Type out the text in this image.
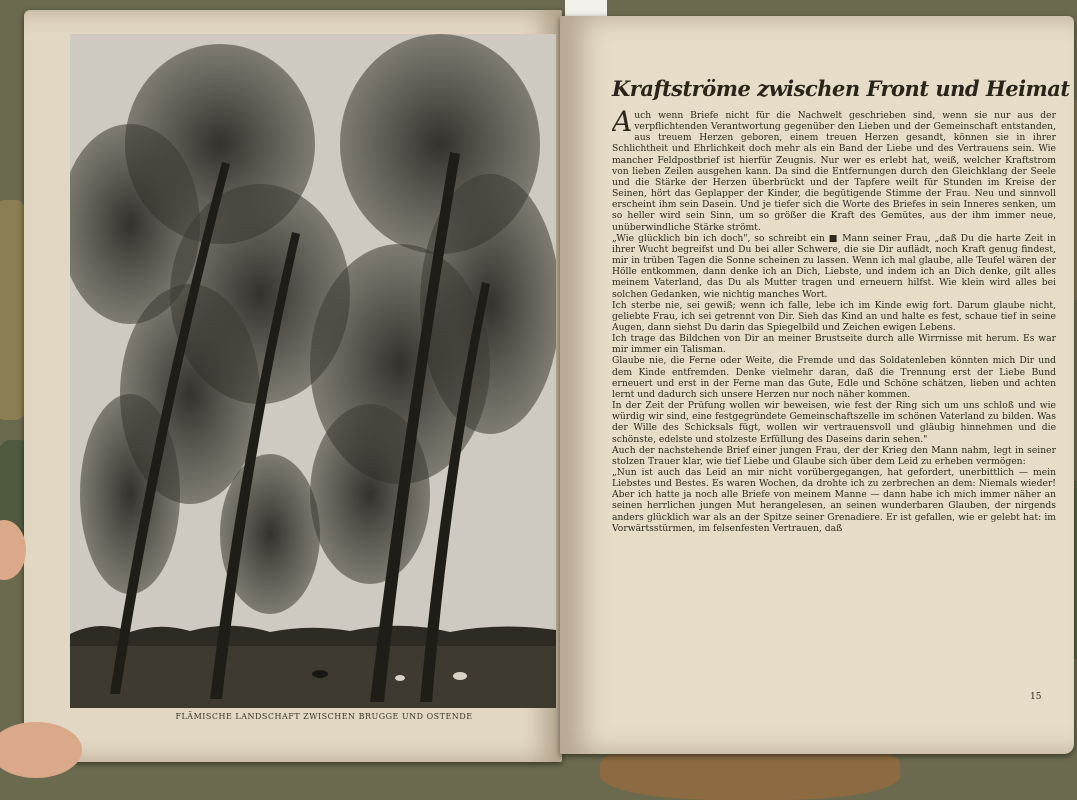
FLÄMISCHE LANDSCHAFT ZWISCHEN BRUGGE UND OSTENDE
Kraftströme zwischen Front und Heimat

Auch wenn Briefe nicht für die Nachwelt geschrieben sind, wenn sie nur aus der verpflichtenden Verantwortung gegenüber den Lieben und der Gemeinschaft entstanden, aus treuem Herzen geboren, einem treuen Herzen gesandt, können sie in ihrer Schlichtheit und Ehrlichkeit doch mehr als ein Band der Liebe und des Vertrauens sein. Wie mancher Feldpostbrief ist hierfür Zeugnis. Nur wer es erlebt hat, weiß, welcher Kraftstrom von lieben Zeilen ausgehen kann. Da sind die Entfernungen durch den Gleichklang der Seele und die Stärke der Herzen überbrückt und der Tapfere weilt für Stunden im Kreise der Seinen, hört das Geplapper der Kinder, die begütigende Stimme der Frau. Neu und sinnvoll erscheint ihm sein Dasein. Und je tiefer sich die Worte des Briefes in sein Inneres senken, um so heller wird sein Sinn, um so größer die Kraft des Gemütes, aus der ihm immer neue, unüberwindliche Stärke strömt.

„Wie glücklich bin ich doch", so schreibt ein ■ Mann seiner Frau, „daß Du die harte Zeit in ihrer Wucht begreifst und Du bei aller Schwere, die sie Dir auflädt, noch Kraft genug findest, mir in trüben Tagen die Sonne scheinen zu lassen. Wenn ich mal glaube, alle Teufel wären der Hölle entkommen, dann denke ich an Dich, Liebste, und indem ich an Dich denke, gilt alles meinem Vaterland, das Du als Mutter tragen und erneuern hilfst. Wie klein wird alles bei solchen Gedanken, wie nichtig manches Wort.

Ich sterbe nie, sei gewiß; wenn ich falle, lebe ich im Kinde ewig fort. Darum glaube nicht, geliebte Frau, ich sei getrennt von Dir. Sieh das Kind an und halte es fest, schaue tief in seine Augen, dann siehst Du darin das Spiegelbild und Zeichen ewigen Lebens.

Ich trage das Bildchen von Dir an meiner Brustseite durch alle Wirrnisse mit herum. Es war mir immer ein Talisman.

Glaube nie, die Ferne oder Weite, die Fremde und das Soldatenleben könnten mich Dir und dem Kinde entfremden. Denke vielmehr daran, daß die Trennung erst der Liebe Bund erneuert und erst in der Ferne man das Gute, Edle und Schöne schätzen, lieben und achten lernt und dadurch sich unsere Herzen nur noch näher kommen.

In der Zeit der Prüfung wollen wir beweisen, wie fest der Ring sich um uns schloß und wie würdig wir sind, eine festgegründete Gemeinschaftszelle im schönen Vaterland zu bilden. Was der Wille des Schicksals fügt, wollen wir vertrauensvoll und gläubig hinnehmen und die schönste, edelste und stolzeste Erfüllung des Daseins darin sehen."

Auch der nachstehende Brief einer jungen Frau, der der Krieg den Mann nahm, legt in seiner stolzen Trauer klar, wie tief Liebe und Glaube sich über dem Leid zu erheben vermögen:

„Nun ist auch das Leid an mir nicht vorübergegangen, hat gefordert, unerbittlich — mein Liebstes und Bestes. Es waren Wochen, da drohte ich zu zerbrechen an dem: Niemals wieder! Aber ich hatte ja noch alle Briefe von meinem Manne — dann habe ich mich immer näher an seinen herrlichen jungen Mut herangelesen, an seinen wunderbaren Glauben, der nirgends anders glücklich war als an der Spitze seiner Grenadiere. Er ist gefallen, wie er gelebt hat: im Vorwärtsstürmen, im felsenfesten Vertrauen, daß

15
